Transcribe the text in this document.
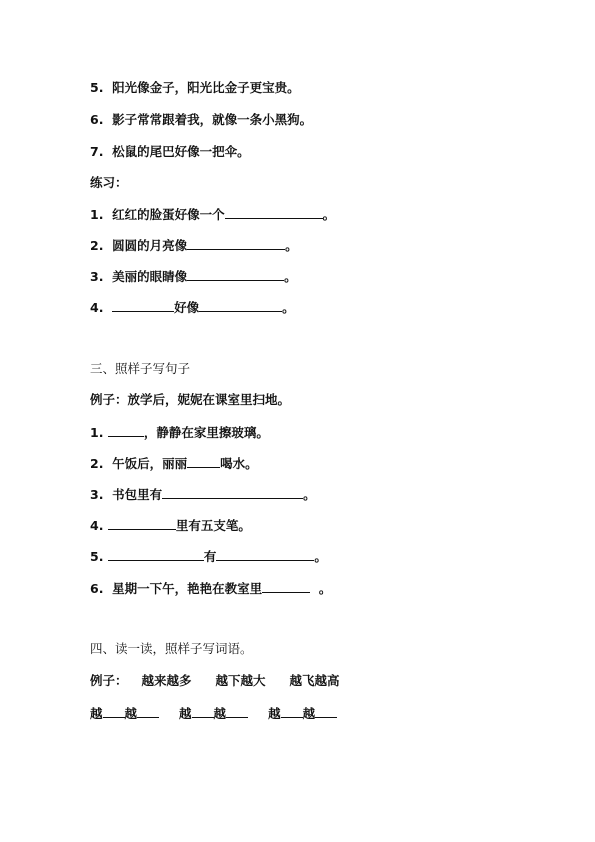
5.  阳光像金子，阳光比金子更宝贵。
6.  影子常常跟着我，就像一条小黑狗。
7.  松鼠的尾巴好像一把伞。
练习：
1.  红红的脸蛋好像一个	。
2.  圆圆的月亮像	。
3.  美丽的眼睛像	。
4.	好像	。
三、照样子写句子
例子：放学后，妮妮在课室里扫地。
1.	，静静在家里擦玻璃。
2.  午饭后，丽丽	喝水。
3.  书包里有	。
4.	里有五支笔。
5.	有	。
6.  星期一下午，艳艳在教室里	。
四、读一读，照样子写词语。
例子： 越来越多 越下越大 越飞越高
越 越	越 越	越 越
